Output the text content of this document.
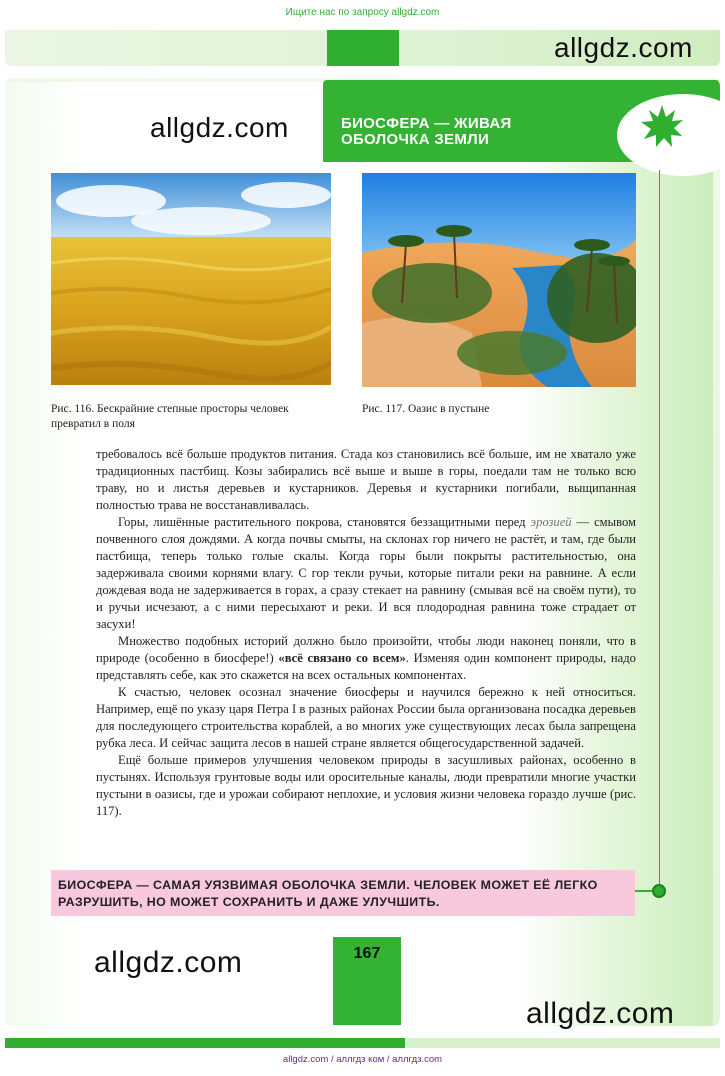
Ищите нас по запросу allgdz.com
allgdz.com
БИОСФЕРА — ЖИВАЯ ОБОЛОЧКА ЗЕМЛИ
allgdz.com
Рис. 116. Бескрайние степные просторы человек превратил в поля
Рис. 117. Оазис в пустыне

требовалось всё больше продуктов питания. Стада коз становились всё больше, им не хватало уже традиционных пастбищ. Козы забирались всё выше и выше в горы, поедали там не только всю траву, но и листья деревьев и кустарников. Деревья и кустарники погибали, выщипанная полностью трава не восстанавливалась.

Горы, лишённые растительного покрова, становятся беззащитными перед эрозией — смывом почвенного слоя дождями. А когда почвы смыты, на склонах гор ничего не растёт, и там, где были пастбища, теперь только голые скалы. Когда горы были покрыты растительностью, она задерживала своими корнями влагу. С гор текли ручьи, которые питали реки на равнине. А если дождевая вода не задерживается в горах, а сразу стекает на равнину (смывая всё на своём пути), то и ручьи исчезают, а с ними пересыхают и реки. И вся плодородная равнина тоже страдает от засухи!

Множество подобных историй должно было произойти, чтобы люди наконец поняли, что в природе (особенно в биосфере!) «всё связано со всем». Изменяя один компонент природы, надо представлять себе, как это скажется на всех остальных компонентах.

К счастью, человек осознал значение биосферы и научился бережно к ней относиться. Например, ещё по указу царя Петра I в разных районах России была организована посадка деревьев для последующего строительства кораблей, а во многих уже существующих лесах была запрещена рубка леса. И сейчас защита лесов в нашей стране является общегосударственной задачей.

Ещё больше примеров улучшения человеком природы в засушливых районах, особенно в пустынях. Используя грунтовые воды или оросительные каналы, люди превратили многие участки пустыни в оазисы, где и урожаи собирают неплохие, и условия жизни человека гораздо лучше (рис. 117).

БИОСФЕРА — САМАЯ УЯЗВИМАЯ ОБОЛОЧКА ЗЕМЛИ. ЧЕЛОВЕК МОЖЕТ ЕЁ ЛЕГКО РАЗРУШИТЬ, НО МОЖЕТ СОХРАНИТЬ И ДАЖЕ УЛУЧШИТЬ.
167
allgdz.com
allgdz.com
allgdz.com / аллгдз ком / аллгдз.com
